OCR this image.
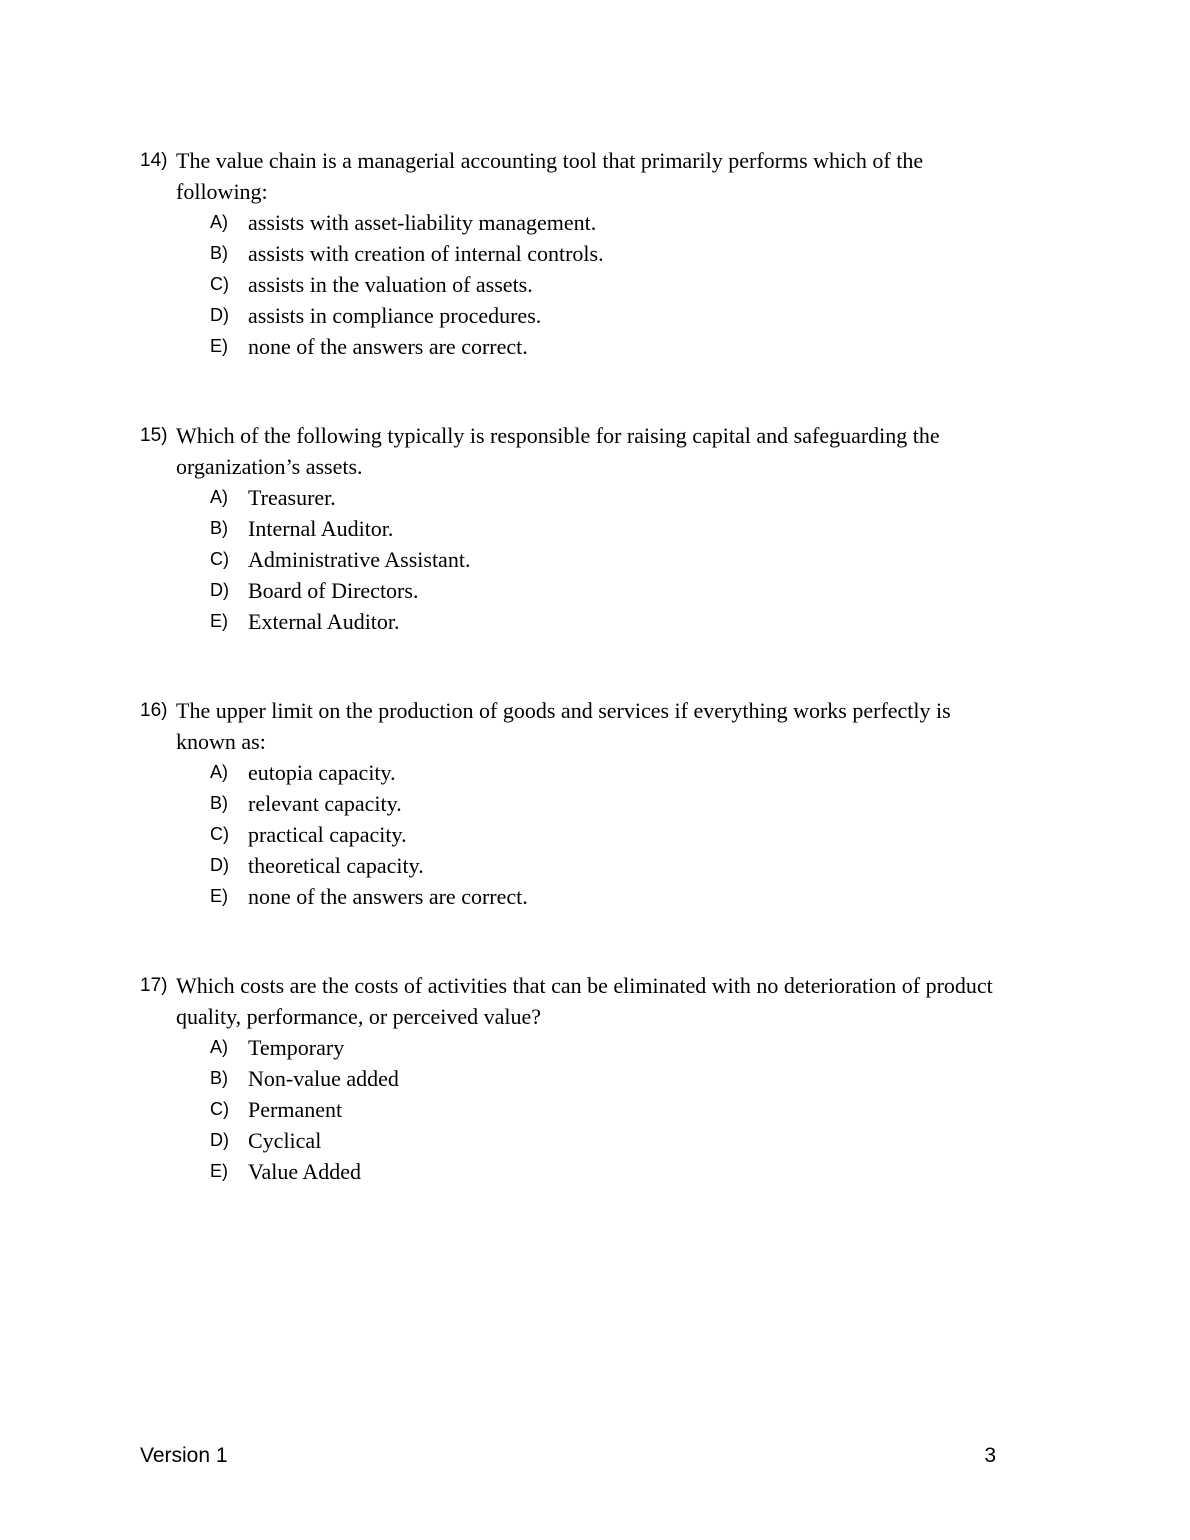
14) The value chain is a managerial accounting tool that primarily performs which of the
following:
A) assists with asset-liability management.
B) assists with creation of internal controls.
C) assists in the valuation of assets.
D) assists in compliance procedures.
E) none of the answers are correct.
15) Which of the following typically is responsible for raising capital and safeguarding the
organization’s assets.
A) Treasurer.
B) Internal Auditor.
C) Administrative Assistant.
D) Board of Directors.
E) External Auditor.
16) The upper limit on the production of goods and services if everything works perfectly is
known as:
A) eutopia capacity.
B) relevant capacity.
C) practical capacity.
D) theoretical capacity.
E) none of the answers are correct.
17) Which costs are the costs of activities that can be eliminated with no deterioration of product
quality, performance, or perceived value?
A) Temporary
B) Non-value added
C) Permanent
D) Cyclical
E) Value Added
Version 1	3
